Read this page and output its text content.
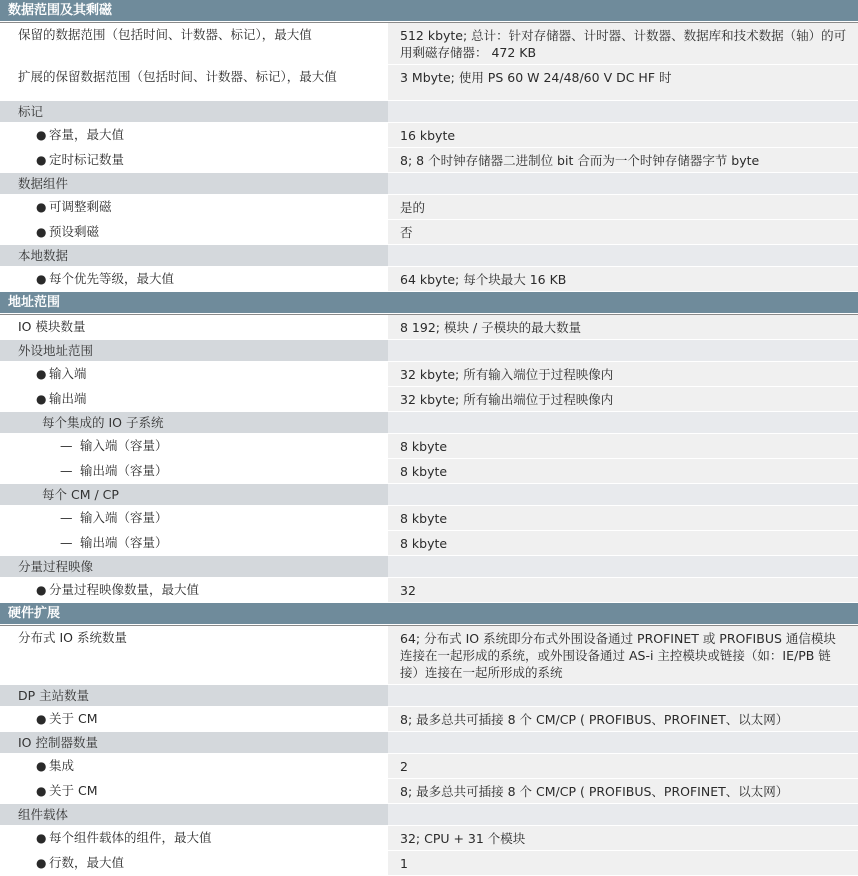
数据范围及其剩磁
保留的数据范围（包括时间、计数器、标记），最大值	512 kbyte; 总计：针对存储器、计时器、计数器、数据库和技术数据（轴）的可用剩磁存储器： 472 KB
扩展的保留数据范围（包括时间、计数器、标记），最大值	3 Mbyte; 使用 PS 60 W 24/48/60 V DC HF 时
标记
● 容量，最大值	16 kbyte
● 定时标记数量	8; 8 个时钟存储器二进制位 bit 合而为一个时钟存储器字节 byte
数据组件
● 可调整剩磁	是的
● 预设剩磁	否
本地数据
● 每个优先等级，最大值	64 kbyte; 每个块最大 16 KB
地址范围
IO 模块数量	8 192; 模块 / 子模块的最大数量
外设地址范围
● 输入端	32 kbyte; 所有输入端位于过程映像内
● 输出端	32 kbyte; 所有输出端位于过程映像内
每个集成的 IO 子系统
— 输入端（容量）	8 kbyte
— 输出端（容量）	8 kbyte
每个 CM / CP
— 输入端（容量）	8 kbyte
— 输出端（容量）	8 kbyte
分量过程映像
● 分量过程映像数量，最大值	32
硬件扩展
分布式 IO 系统数量	64; 分布式 IO 系统即分布式外围设备通过 PROFINET 或 PROFIBUS 通信模块连接在一起形成的系统，或外围设备通过 AS-i 主控模块或链接（如：IE/PB 链接）连接在一起所形成的系统
DP 主站数量
● 关于 CM	8; 最多总共可插接 8 个 CM/CP ( PROFIBUS、PROFINET、以太网）
IO 控制器数量
● 集成	2
● 关于 CM	8; 最多总共可插接 8 个 CM/CP ( PROFIBUS、PROFINET、以太网）
组件载体
● 每个组件载体的组件，最大值	32; CPU + 31 个模块
● 行数，最大值	1
